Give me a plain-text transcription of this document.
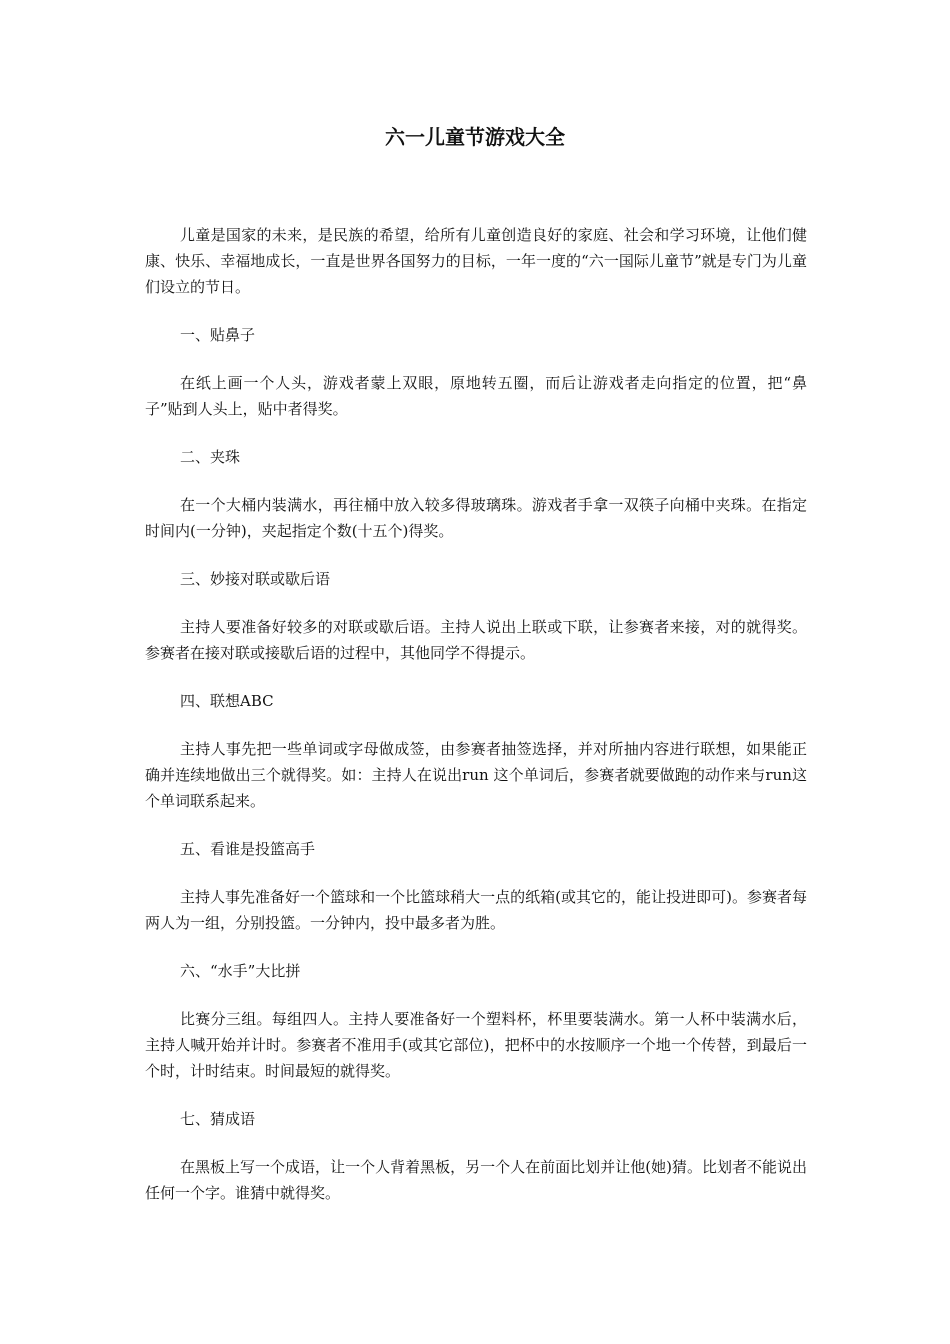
六一儿童节游戏大全

儿童是国家的未来，是民族的希望，给所有儿童创造良好的家庭、社会和学习环境，让他们健康、快乐、幸福地成长，一直是世界各国努力的目标，一年一度的“六一国际儿童节”就是专门为儿童们设立的节日。

一、贴鼻子

在纸上画一个人头，游戏者蒙上双眼，原地转五圈，而后让游戏者走向指定的位置，把“鼻子”贴到人头上，贴中者得奖。

二、夹珠

在一个大桶内装满水，再往桶中放入较多得玻璃珠。游戏者手拿一双筷子向桶中夹珠。在指定时间内(一分钟)，夹起指定个数(十五个)得奖。

三、妙接对联或歇后语

主持人要准备好较多的对联或歇后语。主持人说出上联或下联，让参赛者来接，对的就得奖。参赛者在接对联或接歇后语的过程中，其他同学不得提示。

四、联想ABC

主持人事先把一些单词或字母做成签，由参赛者抽签选择，并对所抽内容进行联想，如果能正确并连续地做出三个就得奖。如：主持人在说出run 这个单词后，参赛者就要做跑的动作来与run这个单词联系起来。

五、看谁是投篮高手

主持人事先准备好一个篮球和一个比篮球稍大一点的纸箱(或其它的，能让投进即可)。参赛者每两人为一组，分别投篮。一分钟内，投中最多者为胜。

六、“水手”大比拼

比赛分三组。每组四人。主持人要准备好一个塑料杯，杯里要装满水。第一人杯中装满水后，主持人喊开始并计时。参赛者不准用手(或其它部位)，把杯中的水按顺序一个地一个传替，到最后一个时，计时结束。时间最短的就得奖。

七、猜成语

在黑板上写一个成语，让一个人背着黑板，另一个人在前面比划并让他(她)猜。比划者不能说出任何一个字。谁猜中就得奖。
